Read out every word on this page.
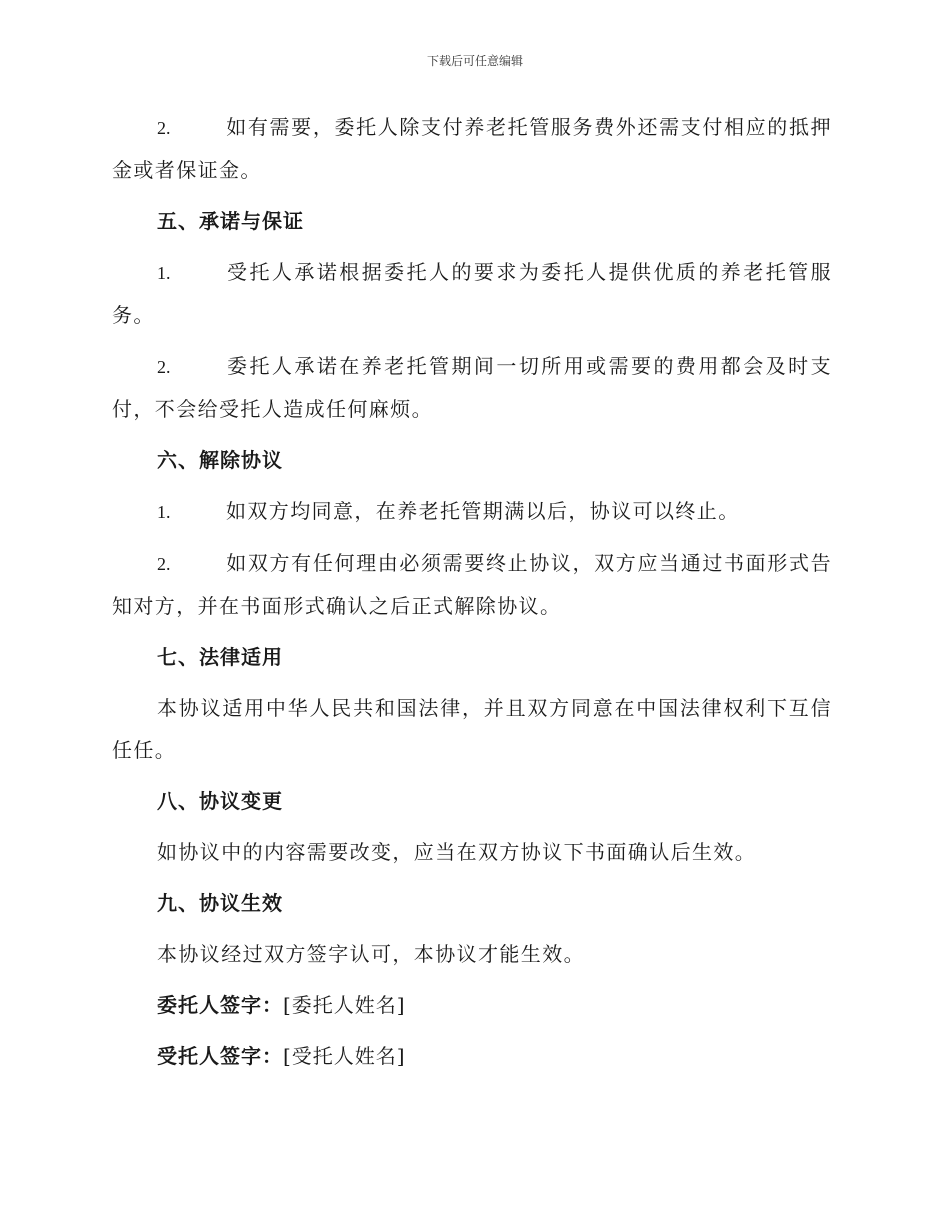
下载后可任意编辑

2.	如有需要，委托人除支付养老托管服务费外还需支付相应的抵押金或者保证金。

五、承诺与保证

1.	受托人承诺根据委托人的要求为委托人提供优质的养老托管服务。

2.	委托人承诺在养老托管期间一切所用或需要的费用都会及时支付，不会给受托人造成任何麻烦。

六、解除协议

1.	如双方均同意，在养老托管期满以后，协议可以终止。

2.	如双方有任何理由必须需要终止协议，双方应当通过书面形式告知对方，并在书面形式确认之后正式解除协议。

七、法律适用

本协议适用中华人民共和国法律，并且双方同意在中国法律权利下互信任任。

八、协议变更

如协议中的内容需要改变，应当在双方协议下书面确认后生效。

九、协议生效

本协议经过双方签字认可，本协议才能生效。

委托人签字：[委托人姓名]
受托人签字：[受托人姓名]
